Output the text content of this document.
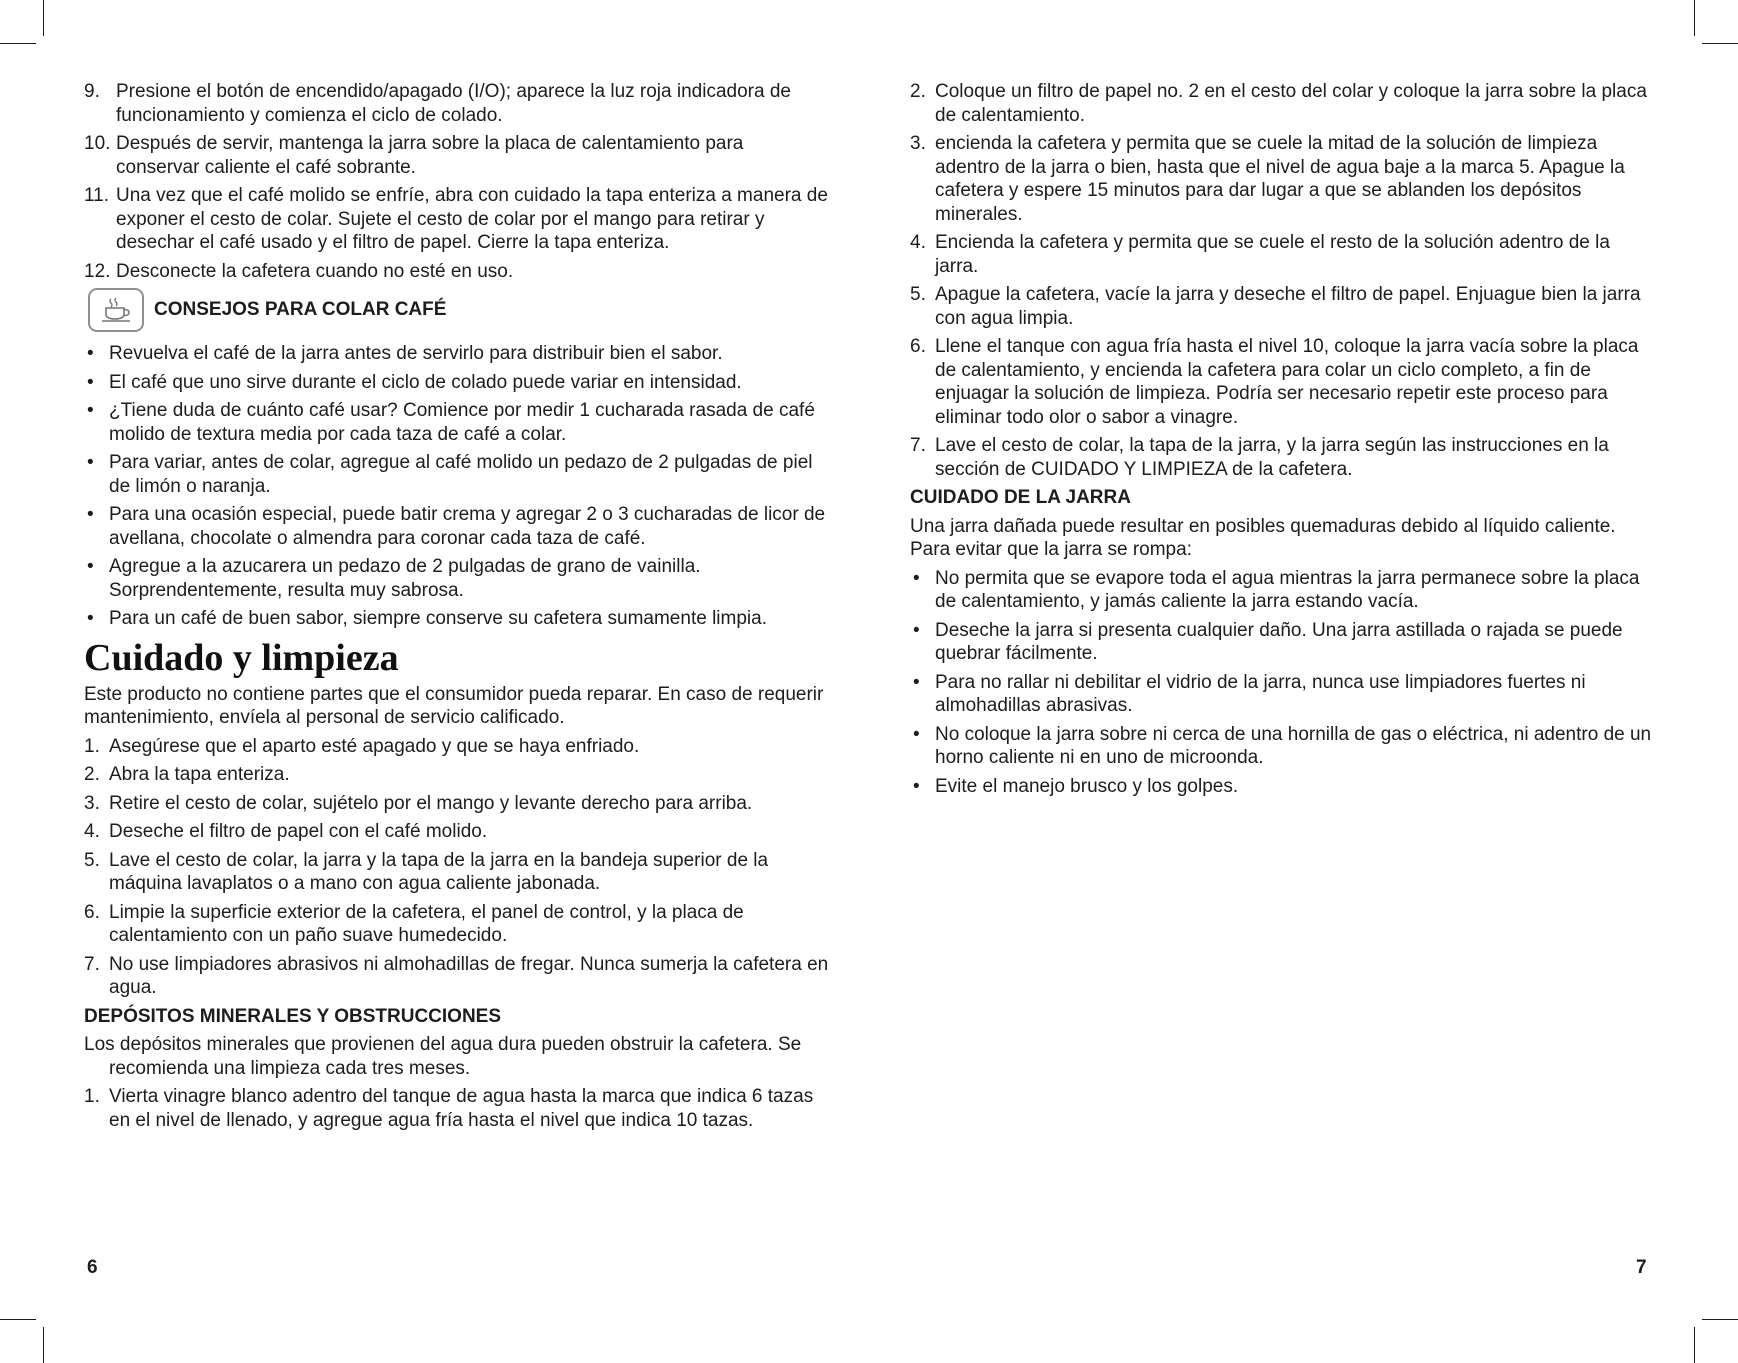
9. Presione el botón de encendido/apagado (I/O); aparece la luz roja indicadora de funcionamiento y comienza el ciclo de colado.
10. Después de servir, mantenga la jarra sobre la placa de calentamiento para conservar caliente el café sobrante.
11. Una vez que el café molido se enfríe, abra con cuidado la tapa enteriza a manera de exponer el cesto de colar. Sujete el cesto de colar por el mango para retirar y desechar el café usado y el filtro de papel. Cierre la tapa enteriza.
12. Desconecte la cafetera cuando no esté en uso.
CONSEJOS PARA COLAR CAFÉ
• Revuelva el café de la jarra antes de servirlo para distribuir bien el sabor.
• El café que uno sirve durante el ciclo de colado puede variar en intensidad.
• ¿Tiene duda de cuánto café usar? Comience por medir 1 cucharada rasada de café molido de textura media por cada taza de café a colar.
• Para variar, antes de colar, agregue al café molido un pedazo de 2 pulgadas de piel de limón o naranja.
• Para una ocasión especial, puede batir crema y agregar 2 o 3 cucharadas de licor de avellana, chocolate o almendra para coronar cada taza de café.
• Agregue a la azucarera un pedazo de 2 pulgadas de grano de vainilla. Sorprendentemente, resulta muy sabrosa.
• Para un café de buen sabor, siempre conserve su cafetera sumamente limpia.
Cuidado y limpieza
Este producto no contiene partes que el consumidor pueda reparar. En caso de requerir mantenimiento, envíela al personal de servicio calificado.
1. Asegúrese que el aparto esté apagado y que se haya enfriado.
2. Abra la tapa enteriza.
3. Retire el cesto de colar, sujételo por el mango y levante derecho para arriba.
4. Deseche el filtro de papel con el café molido.
5. Lave el cesto de colar, la jarra y la tapa de la jarra en la bandeja superior de la máquina lavaplatos o a mano con agua caliente jabonada.
6. Limpie la superficie exterior de la cafetera, el panel de control, y la placa de calentamiento con un paño suave humedecido.
7. No use limpiadores abrasivos ni almohadillas de fregar. Nunca sumerja la cafetera en agua.
DEPÓSITOS MINERALES Y OBSTRUCCIONES
Los depósitos minerales que provienen del agua dura pueden obstruir la cafetera. Se recomienda una limpieza cada tres meses.
1. Vierta vinagre blanco adentro del tanque de agua hasta la marca que indica 6 tazas en el nivel de llenado, y agregue agua fría hasta el nivel que indica 10 tazas.
2. Coloque un filtro de papel no. 2 en el cesto del colar y coloque la jarra sobre la placa de calentamiento.
3. encienda la cafetera y permita que se cuele la mitad de la solución de limpieza adentro de la jarra o bien, hasta que el nivel de agua baje a la marca 5. Apague la cafetera y espere 15 minutos para dar lugar a que se ablanden los depósitos minerales.
4. Encienda la cafetera y permita que se cuele el resto de la solución adentro de la jarra.
5. Apague la cafetera, vacíe la jarra y deseche el filtro de papel. Enjuague bien la jarra con agua limpia.
6. Llene el tanque con agua fría hasta el nivel 10, coloque la jarra vacía sobre la placa de calentamiento, y encienda la cafetera para colar un ciclo completo, a fin de enjuagar la solución de limpieza. Podría ser necesario repetir este proceso para eliminar todo olor o sabor a vinagre.
7. Lave el cesto de colar, la tapa de la jarra, y la jarra según las instrucciones en la sección de CUIDADO Y LIMPIEZA de la cafetera.
CUIDADO DE LA JARRA
Una jarra dañada puede resultar en posibles quemaduras debido al líquido caliente. Para evitar que la jarra se rompa:
• No permita que se evapore toda el agua mientras la jarra permanece sobre la placa de calentamiento, y jamás caliente la jarra estando vacía.
• Deseche la jarra si presenta cualquier daño. Una jarra astillada o rajada se puede quebrar fácilmente.
• Para no rallar ni debilitar el vidrio de la jarra, nunca use limpiadores fuertes ni almohadillas abrasivas.
• No coloque la jarra sobre ni cerca de una hornilla de gas o eléctrica, ni adentro de un horno caliente ni en uno de microonda.
• Evite el manejo brusco y los golpes.
6	7
